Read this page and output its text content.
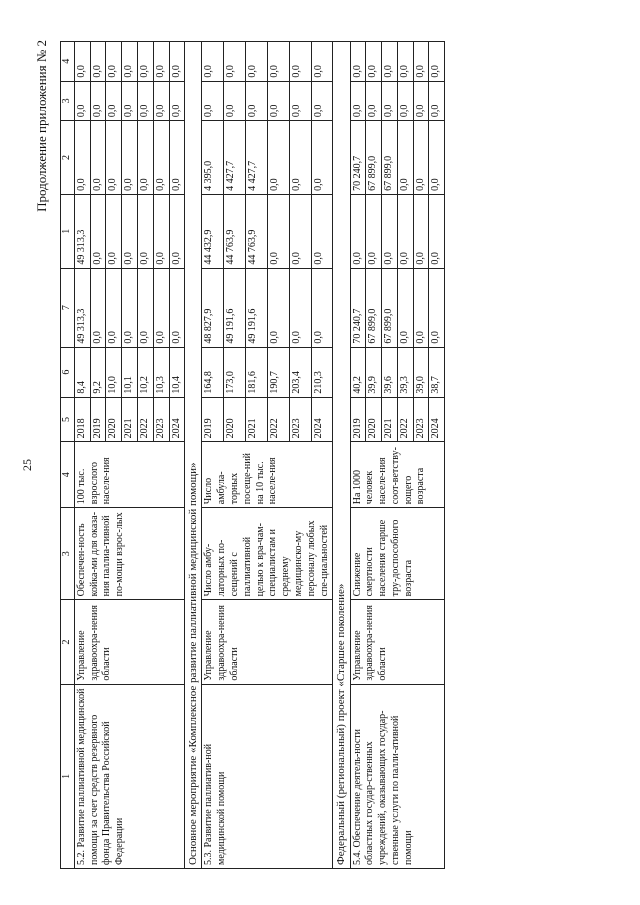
25
Продолжение приложения № 2
1	2	3	4	5	6	7	1	2	3	4
5.2. Развитие паллиативной медицинской помощи за счет средств резервного фонда Правительства Российской Федерации	Управление здравоохра-нения области	Обеспечен-ность койка-ми для оказа-ния паллиа-тивной по-мощи взрос-лых	100 тыс. взрослого населе-ния	2018	8,4	49 313,3	49 313,3	0,0	0,0	0,0
				2019	9,2	0,0	0,0	0,0	0,0	0,0
				2020	10,0	0,0	0,0	0,0	0,0	0,0
				2021	10,1	0,0	0,0	0,0	0,0	0,0
				2022	10,2	0,0	0,0	0,0	0,0	0,0
				2023	10,3	0,0	0,0	0,0	0,0	0,0
				2024	10,4	0,0	0,0	0,0	0,0	0,0
Основное мероприятие «Комплексное развитие паллиативной медицинской помощи»										
5.3. Развитие паллиатив-ной медицинской помощи	Управление здравоохра-нения области	Число амбу-латорных по-сещений с паллиативной целью к вра-чам-специалистам и среднему медицинско-му персоналу любых спе-циальностей	Число амбула-торных посеще-ний на 10 тыс. населе-ния	2019	164,8	48 827,9	44 432,9	4 395,0	0,0	0,0
				2020	173,0	49 191,6	44 763,9	4 427,7	0,0	0,0
				2021	181,6	49 191,6	44 763,9	4 427,7	0,0	0,0
				2022	190,7	0,0	0,0	0,0	0,0	0,0
				2023	203,4	0,0	0,0	0,0	0,0	0,0
				2024	210,3	0,0	0,0	0,0	0,0	0,0
Федеральный (региональный) проект «Старшее поколение»										
5.4. Обеспечение деятель-ности областных государ-ственных учреждений, оказывающих государ-ственные услуги по палли-ативной помощи	Управление здравоохра-нения области	Снижение смертности населения старше тру-доспособного возраста	На 1000 человек населе-ния соот-ветству-ющего возраста	2019	40,2	70 240,7	0,0	70 240,7	0,0	0,0
				2020	39,9	67 899,0	0,0	67 899,0	0,0	0,0
				2021	39,6	67 899,0	0,0	67 899,0	0,0	0,0
				2022	39,3	0,0	0,0	0,0	0,0	0,0
				2023	39,0	0,0	0,0	0,0	0,0	0,0
				2024	38,7	0,0	0,0	0,0	0,0	0,0
